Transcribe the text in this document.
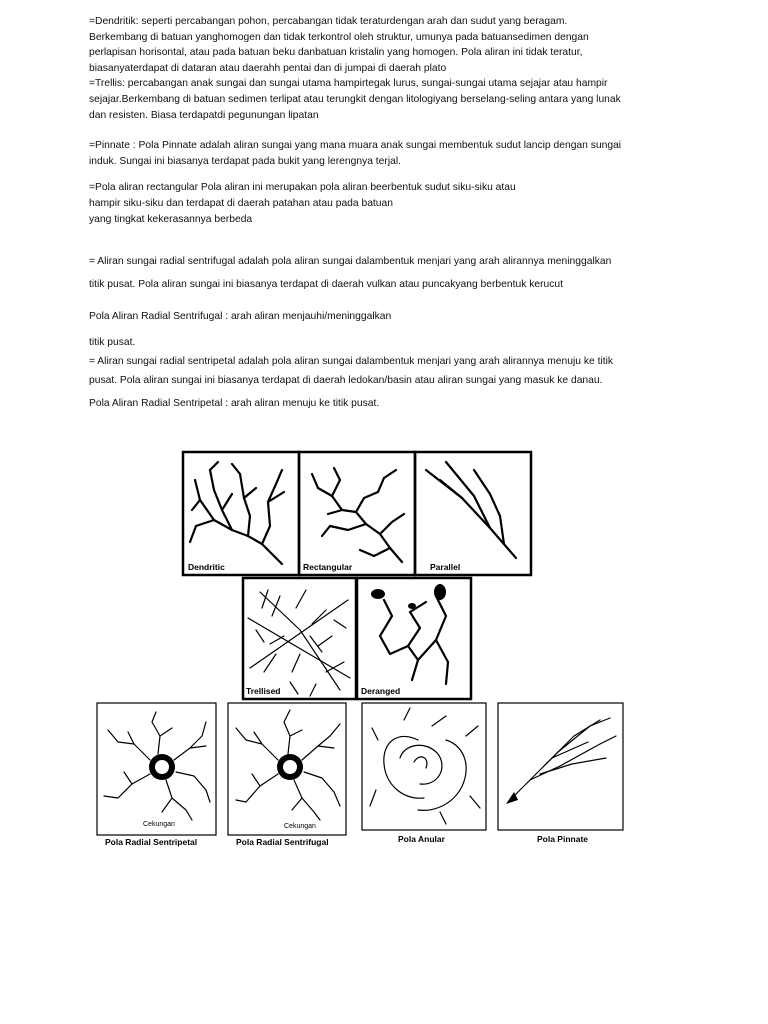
=Dendritik: seperti percabangan pohon, percabangan tidak teraturdengan arah dan sudut yang beragam.
Berkembang di batuan yanghomogen dan tidak terkontrol oleh struktur, umunya pada batuansedimen dengan
perlapisan horisontal, atau pada batuan beku danbatuan kristalin yang homogen. Pola aliran ini tidak teratur,
biasanyaterdapat di dataran atau daerahh pentai dan di jumpai di daerah plato
=Trellis: percabangan anak sungai dan sungai utama hampirtegak lurus, sungai-sungai utama sejajar atau hampir
sejajar.Berkembang di batuan sedimen terlipat atau terungkit dengan litologiyang berselang-seling antara yang lunak
dan resisten. Biasa terdapatdi pegunungan lipatan
=Pinnate : Pola Pinnate adalah aliran sungai yang mana muara anak sungai membentuk sudut lancip dengan sungai
induk. Sungai ini biasanya terdapat pada bukit yang lerengnya terjal.
=Pola aliran rectangular Pola aliran ini merupakan pola aliran beerbentuk sudut siku-siku atau
hampir siku-siku dan terdapat di daerah patahan atau pada batuan
yang tingkat kekerasannya berbeda
= Aliran sungai radial sentrifugal adalah pola aliran sungai dalambentuk menjari yang arah alirannya meninggalkan
titik pusat. Pola aliran sungai ini biasanya terdapat di daerah vulkan atau puncakyang berbentuk kerucut
Pola Aliran Radial Sentrifugal : arah aliran menjauhi/meninggalkan
titik pusat.
= Aliran sungai radial sentripetal adalah pola aliran sungai dalambentuk menjari yang arah alirannya menuju ke titik
pusat. Pola aliran sungai ini biasanya terdapat di daerah ledokan/basin atau aliran sungai yang masuk ke danau.
Pola Aliran Radial Sentripetal : arah aliran menuju ke titik pusat.
Dendritic	Rectangular	Parallel
Trellised	Deranged
Cekungan
Pola Radial Sentripetal
Cekungan
Pola Radial Sentrifugal	Pola Anular	Pola Pinnate
